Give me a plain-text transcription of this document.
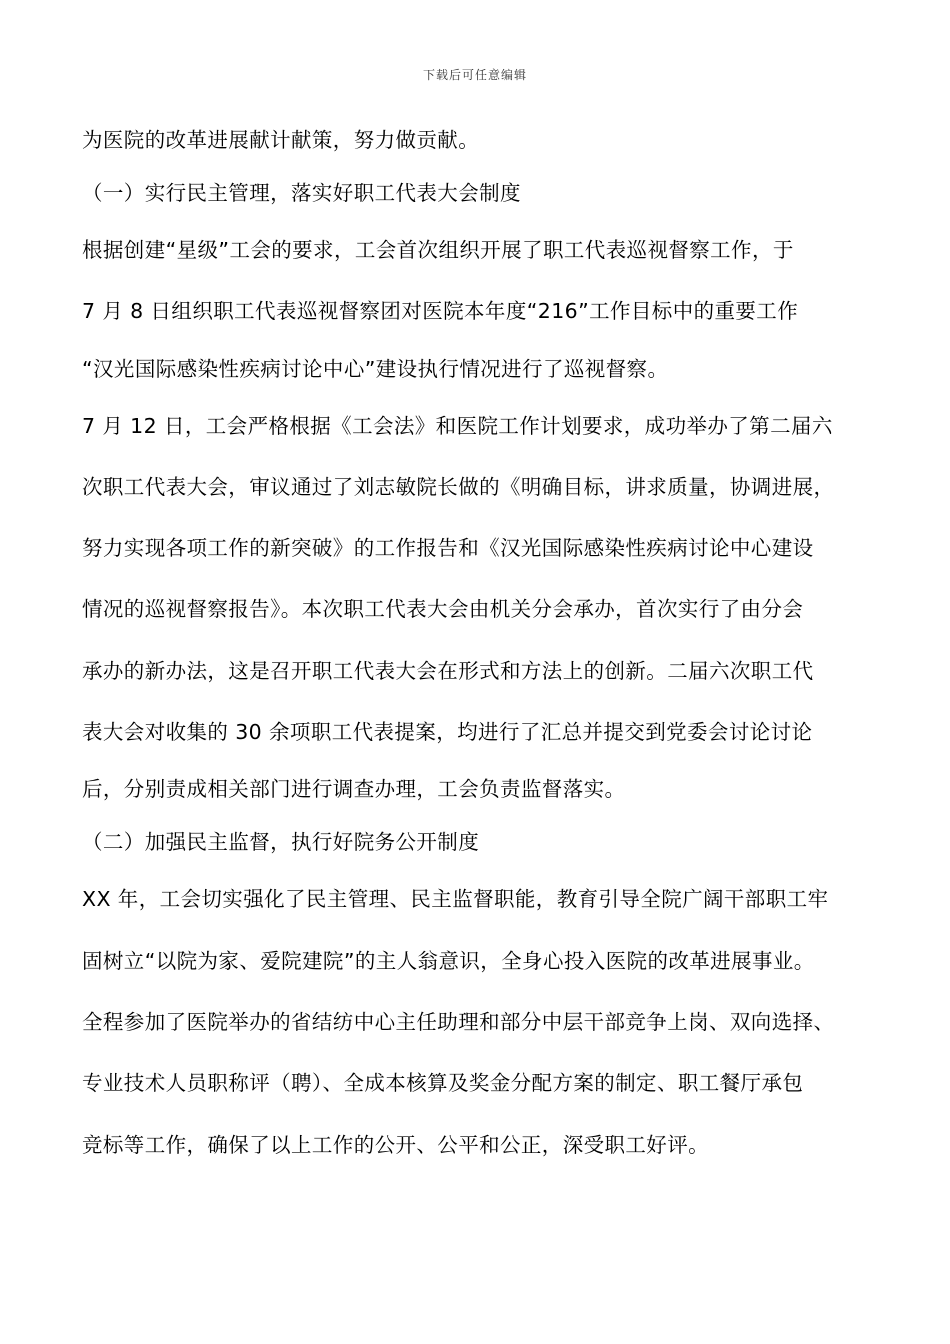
下载后可任意编辑
为医院的改革进展献计献策，努力做贡献。
（一）实行民主管理，落实好职工代表大会制度
根据创建“星级”工会的要求，工会首次组织开展了职工代表巡视督察工作，于
7 月 8 日组织职工代表巡视督察团对医院本年度“216”工作目标中的重要工作
“汉光国际感染性疾病讨论中心”建设执行情况进行了巡视督察。
7 月 12 日，工会严格根据《工会法》和医院工作计划要求，成功举办了第二届六
次职工代表大会，审议通过了刘志敏院长做的《明确目标，讲求质量，协调进展，
努力实现各项工作的新突破》的工作报告和《汉光国际感染性疾病讨论中心建设
情况的巡视督察报告》。本次职工代表大会由机关分会承办，首次实行了由分会
承办的新办法，这是召开职工代表大会在形式和方法上的创新。二届六次职工代
表大会对收集的 30 余项职工代表提案，均进行了汇总并提交到党委会讨论讨论
后，分别责成相关部门进行调查办理，工会负责监督落实。
（二）加强民主监督，执行好院务公开制度
XX 年，工会切实强化了民主管理、民主监督职能，教育引导全院广阔干部职工牢
固树立“以院为家、爱院建院”的主人翁意识，全身心投入医院的改革进展事业。
全程参加了医院举办的省结纺中心主任助理和部分中层干部竞争上岗、双向选择、
专业技术人员职称评（聘）、全成本核算及奖金分配方案的制定、职工餐厅承包
竞标等工作，确保了以上工作的公开、公平和公正，深受职工好评。
